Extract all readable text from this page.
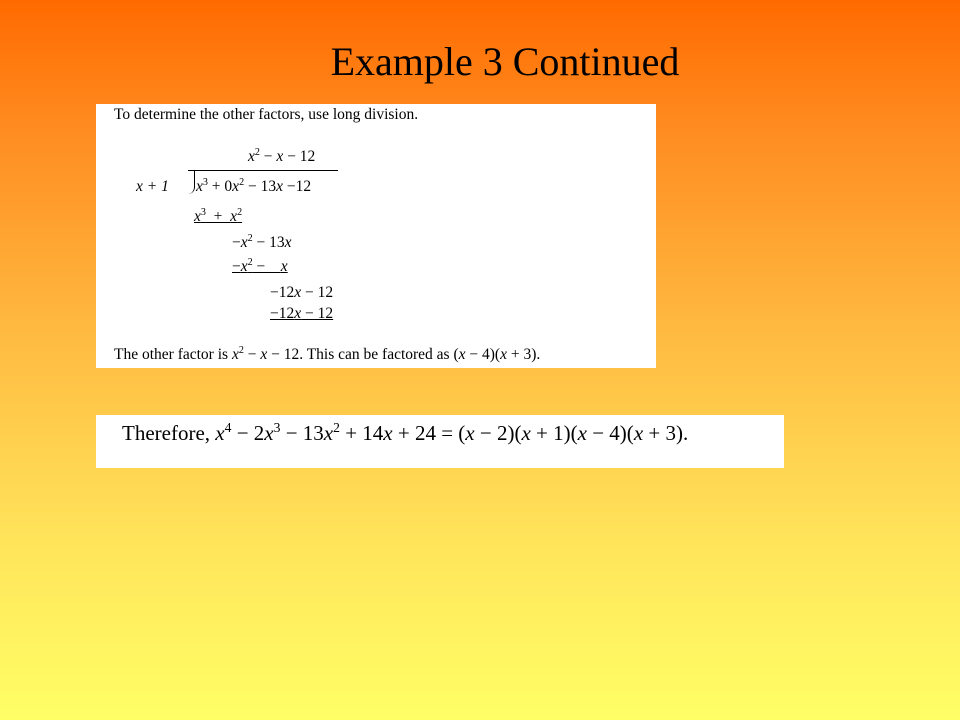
Example 3 Continued
To determine the other factors, use long division.
$x^2 - x - 12$
x + 1 $x^3 + 0x^2 - 13x -12$
$x^3 + x^2$
$-x^2 - 13x$
$-x^2$ −    x
−12x − 12
−12x − 12
The other factor is $x^2 - x - 12$. This can be factored as (x − 4)(x + 3).
Therefore, $x^4 - 2x^3 - 13x^2 + 14x + 24 = (x - 2)(x + 1)(x - 4)(x + 3)$.
